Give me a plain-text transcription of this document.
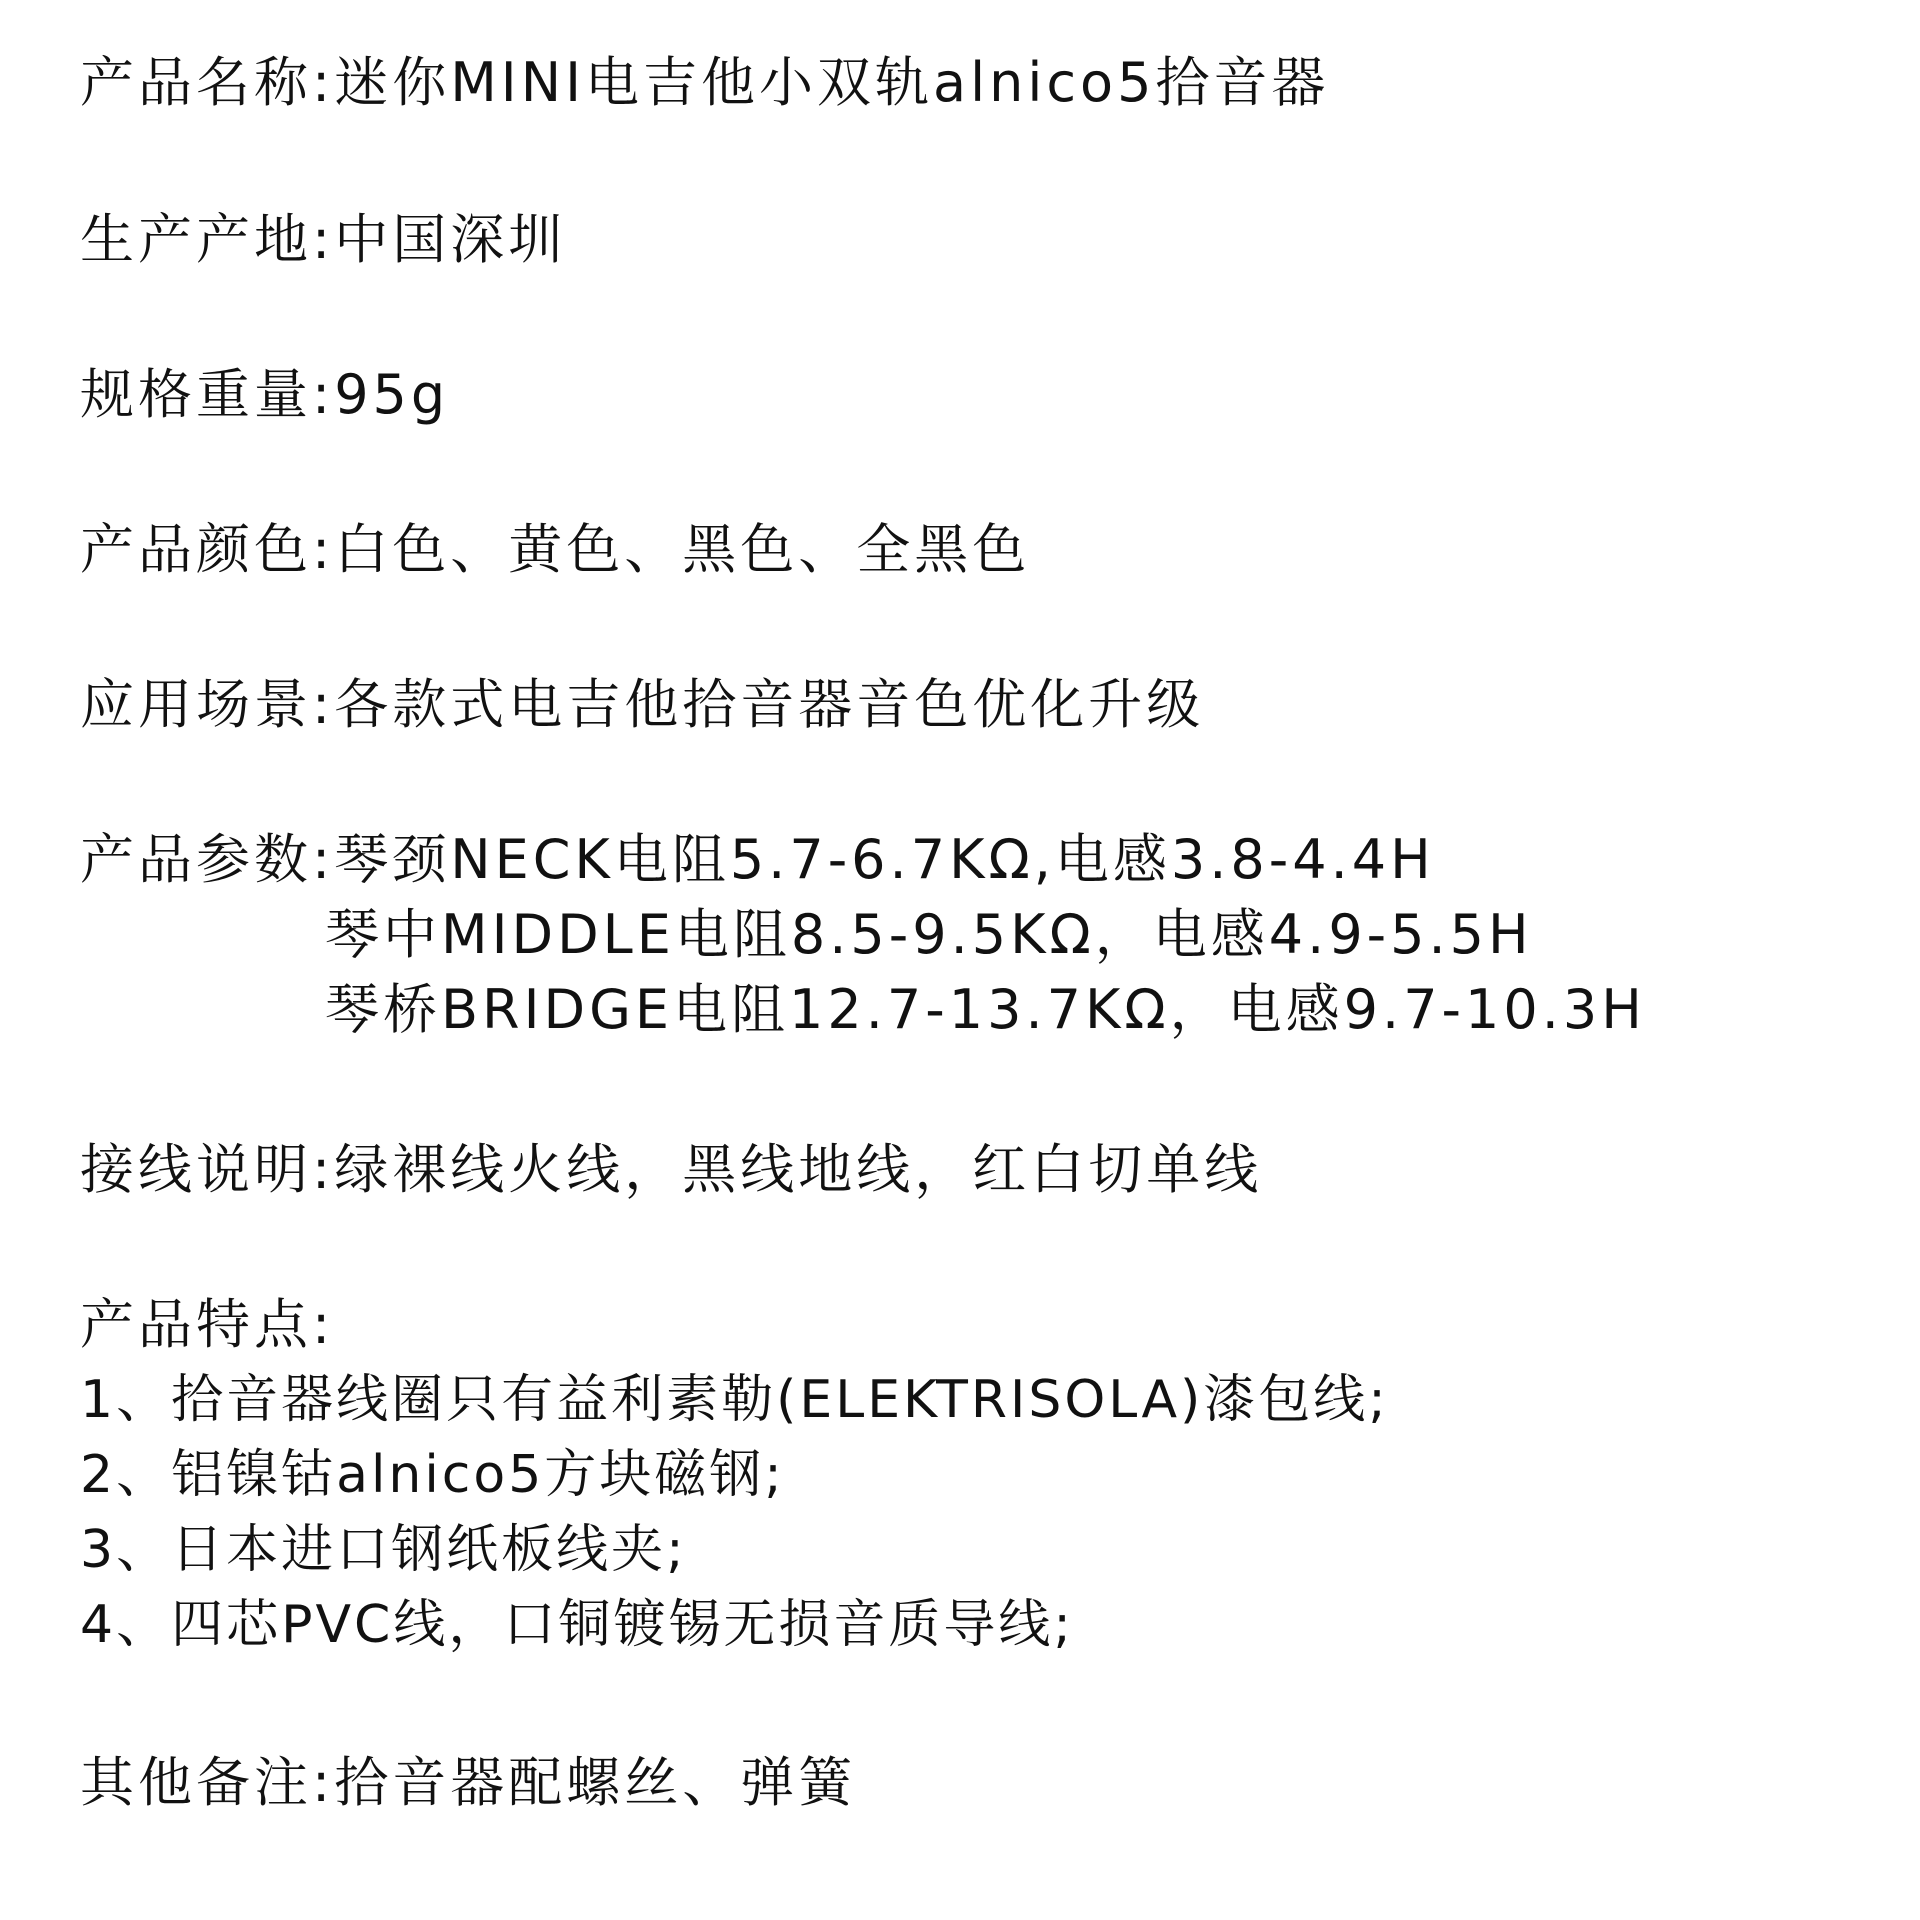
产品名称:迷你MINI电吉他小双轨alnico5拾音器
生产产地:中国深圳
规格重量:95g
产品颜色:白色、黄色、黑色、全黑色
应用场景:各款式电吉他拾音器音色优化升级
产品参数:琴颈NECK电阻5.7-6.7KΩ,电感3.8-4.4H
琴中MIDDLE电阻8.5-9.5KΩ，电感4.9-5.5H
琴桥BRIDGE电阻12.7-13.7KΩ，电感9.7-10.3H
接线说明:绿裸线火线，黑线地线，红白切单线
产品特点:
1、拾音器线圈只有益利素勒(ELEKTRISOLA)漆包线;
2、铝镍钴alnico5方块磁钢;
3、日本进口钢纸板线夹;
4、四芯PVC线，口铜镀锡无损音质导线;
其他备注:拾音器配螺丝、弹簧
